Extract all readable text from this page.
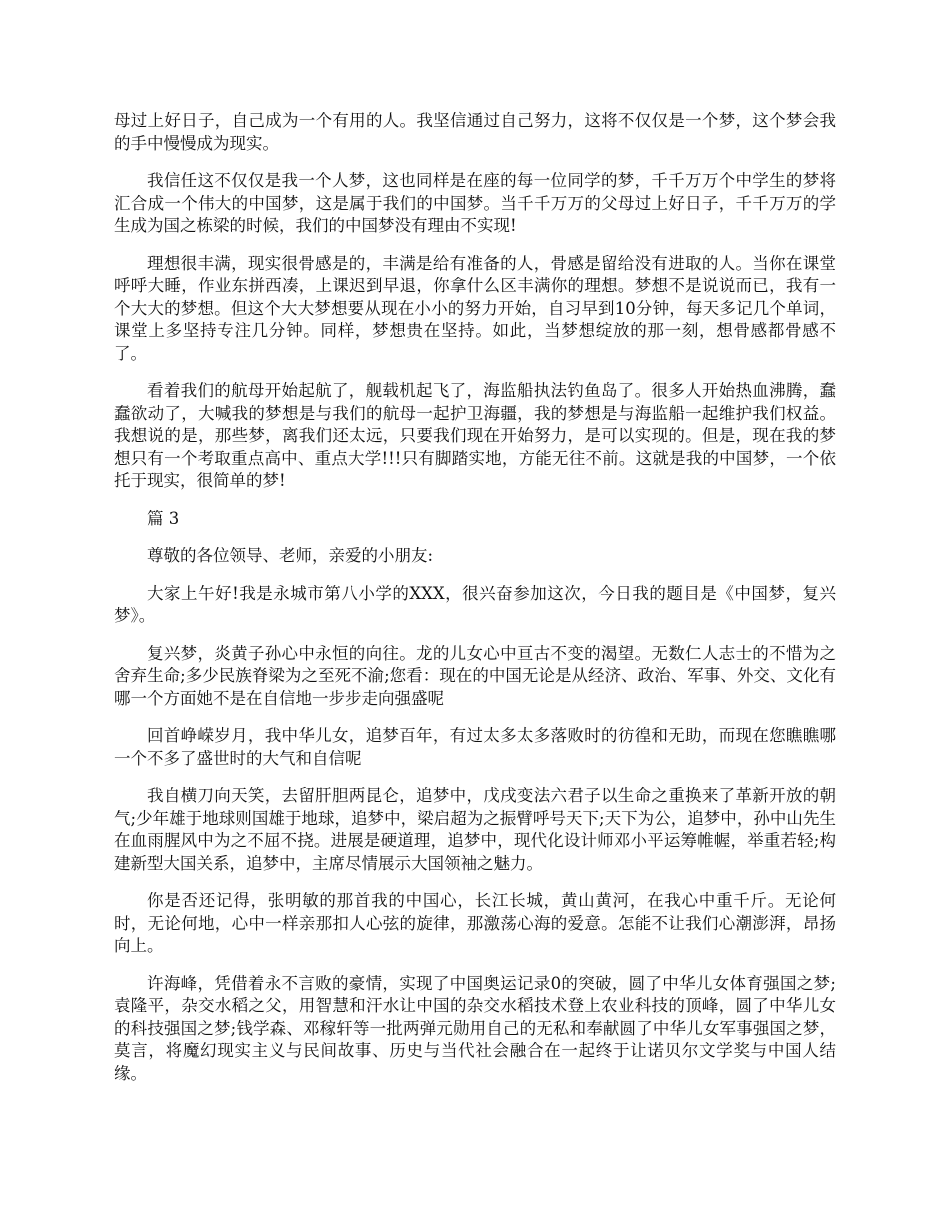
母过上好日子，自己成为一个有用的人。我坚信通过自己努力，这将不仅仅是一个梦，这个梦会我的手中慢慢成为现实。

我信任这不仅仅是我一个人梦，这也同样是在座的每一位同学的梦，千千万万个中学生的梦将汇合成一个伟大的中国梦，这是属于我们的中国梦。当千千万万的父母过上好日子，千千万万的学生成为国之栋梁的时候，我们的中国梦没有理由不实现!

理想很丰满，现实很骨感是的，丰满是给有准备的人，骨感是留给没有进取的人。当你在课堂呼呼大睡，作业东拼西凑，上课迟到早退，你拿什么区丰满你的理想。梦想不是说说而已，我有一个大大的梦想。但这个大大梦想要从现在小小的努力开始，自习早到10分钟，每天多记几个单词，课堂上多坚持专注几分钟。同样，梦想贵在坚持。如此，当梦想绽放的那一刻，想骨感都骨感不了。

看着我们的航母开始起航了，舰载机起飞了，海监船执法钓鱼岛了。很多人开始热血沸腾，蠢蠢欲动了，大喊我的梦想是与我们的航母一起护卫海疆，我的梦想是与海监船一起维护我们权益。我想说的是，那些梦，离我们还太远，只要我们现在开始努力，是可以实现的。但是，现在我的梦想只有一个考取重点高中、重点大学!!!只有脚踏实地，方能无往不前。这就是我的中国梦，一个依托于现实，很简单的梦!

篇 3

尊敬的各位领导、老师，亲爱的小朋友:

大家上午好!我是永城市第八小学的XXX，很兴奋参加这次，今日我的题目是《中国梦，复兴梦》。

复兴梦，炎黄子孙心中永恒的向往。龙的儿女心中亘古不变的渴望。无数仁人志士的不惜为之舍弃生命;多少民族脊梁为之至死不渝;您看：现在的中国无论是从经济、政治、军事、外交、文化有哪一个方面她不是在自信地一步步走向强盛呢

回首峥嵘岁月，我中华儿女，追梦百年，有过太多太多落败时的彷徨和无助，而现在您瞧瞧哪一个不多了盛世时的大气和自信呢

我自横刀向天笑，去留肝胆两昆仑，追梦中，戊戌变法六君子以生命之重换来了革新开放的朝气;少年雄于地球则国雄于地球，追梦中，梁启超为之振臂呼号天下;天下为公，追梦中，孙中山先生在血雨腥风中为之不屈不挠。进展是硬道理，追梦中，现代化设计师邓小平运筹帷幄，举重若轻;构建新型大国关系，追梦中，主席尽情展示大国领袖之魅力。

你是否还记得，张明敏的那首我的中国心，长江长城，黄山黄河，在我心中重千斤。无论何时，无论何地，心中一样亲那扣人心弦的旋律，那激荡心海的爱意。怎能不让我们心潮澎湃，昂扬向上。

许海峰，凭借着永不言败的豪情，实现了中国奥运记录0的突破，圆了中华儿女体育强国之梦;袁隆平，杂交水稻之父，用智慧和汗水让中国的杂交水稻技术登上农业科技的顶峰，圆了中华儿女的科技强国之梦;钱学森、邓稼轩等一批两弹元勋用自己的无私和奉献圆了中华儿女军事强国之梦，莫言，将魔幻现实主义与民间故事、历史与当代社会融合在一起终于让诺贝尔文学奖与中国人结缘。
